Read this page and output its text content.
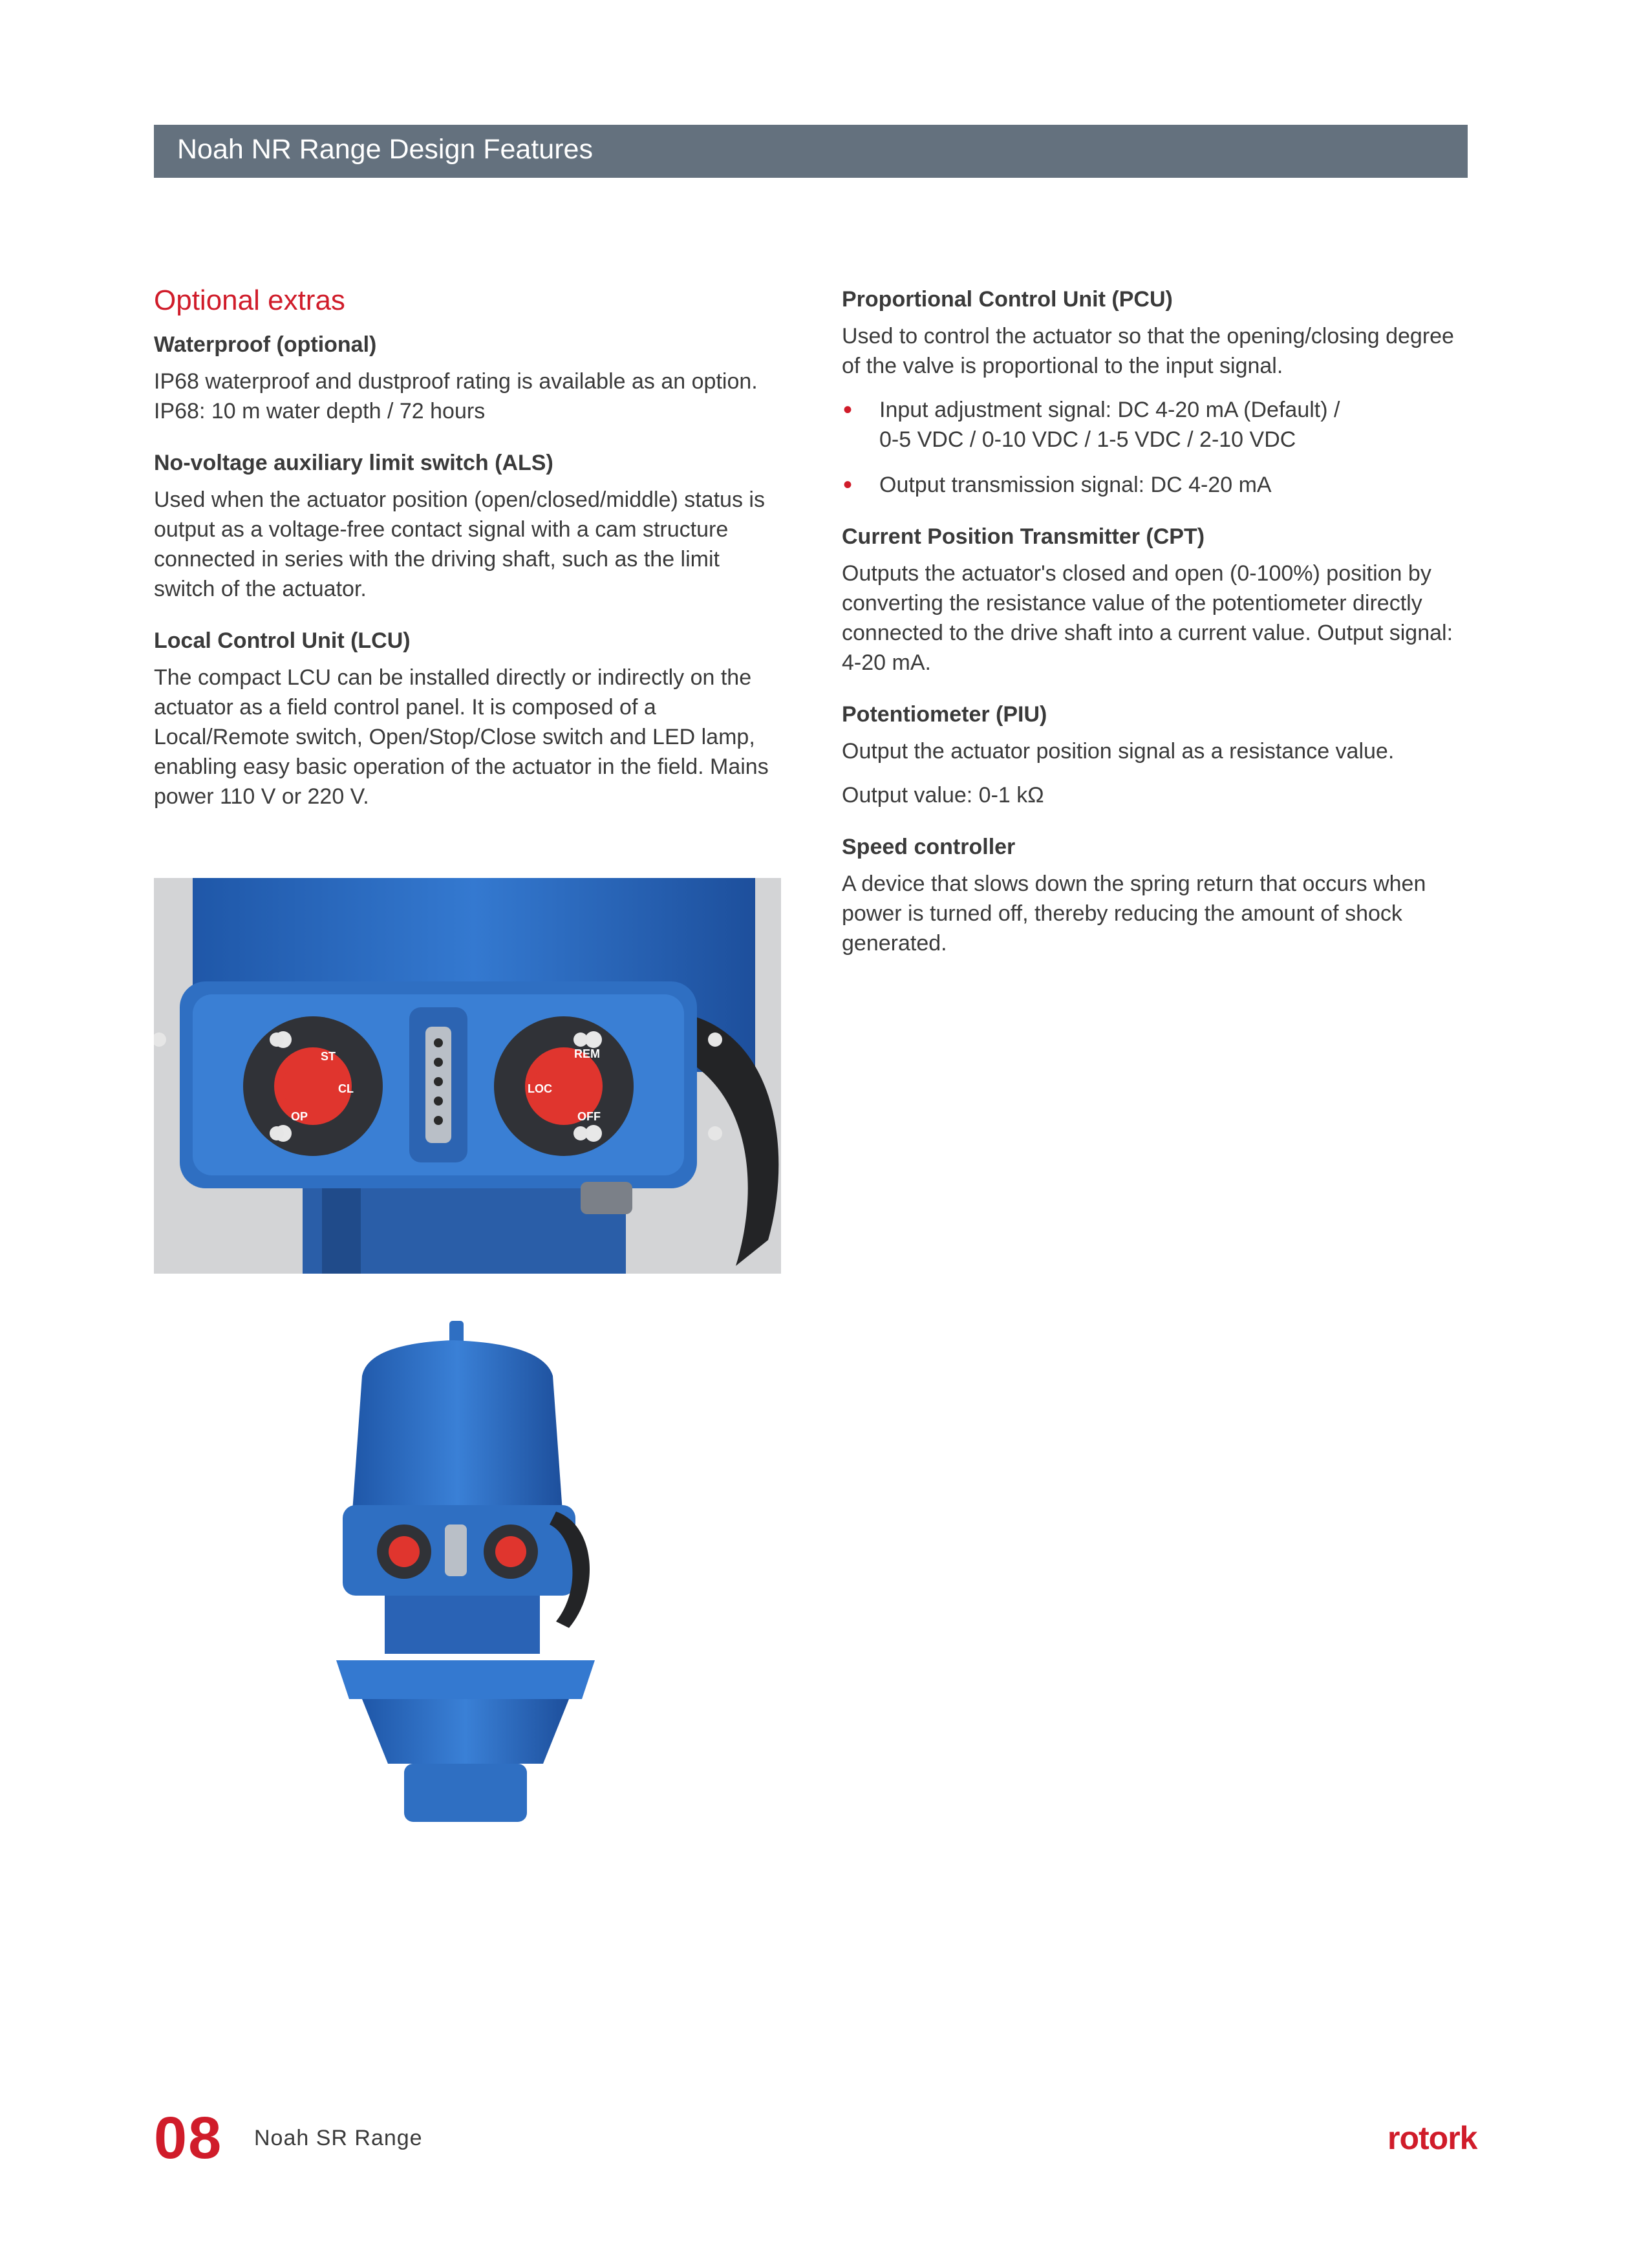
Noah NR Range Design Features
Optional extras
Waterproof (optional)
IP68 waterproof and dustproof rating is available as an option. IP68: 10 m water depth / 72 hours
No-voltage auxiliary limit switch (ALS)
Used when the actuator position (open/closed/middle) status is output as a voltage-free contact signal with a cam structure connected in series with the driving shaft, such as the limit switch of the actuator.
Local Control Unit (LCU)
The compact LCU can be installed directly or indirectly on the actuator as a field control panel. It is composed of a Local/Remote switch, Open/Stop/Close switch and LED lamp, enabling easy basic operation of the actuator in the field. Mains power 110 V or 220 V.
Proportional Control Unit (PCU)
Used to control the actuator so that the opening/closing degree of the valve is proportional to the input signal.
• Input adjustment signal: DC 4-20 mA (Default) /
0-5 VDC / 0-10 VDC / 1-5 VDC / 2-10 VDC
• Output transmission signal: DC 4-20 mA
Current Position Transmitter (CPT)
Outputs the actuator's closed and open (0-100%) position by converting the resistance value of the potentiometer directly connected to the drive shaft into a current value. Output signal: 4-20 mA.
Potentiometer (PIU)
Output the actuator position signal as a resistance value.
Output value: 0-1 kΩ
Speed controller
A device that slows down the spring return that occurs when power is turned off, thereby reducing the amount of shock generated.
ST
CL
OP
LOC
REM
OFF
08 Noah SR Range	rotork
